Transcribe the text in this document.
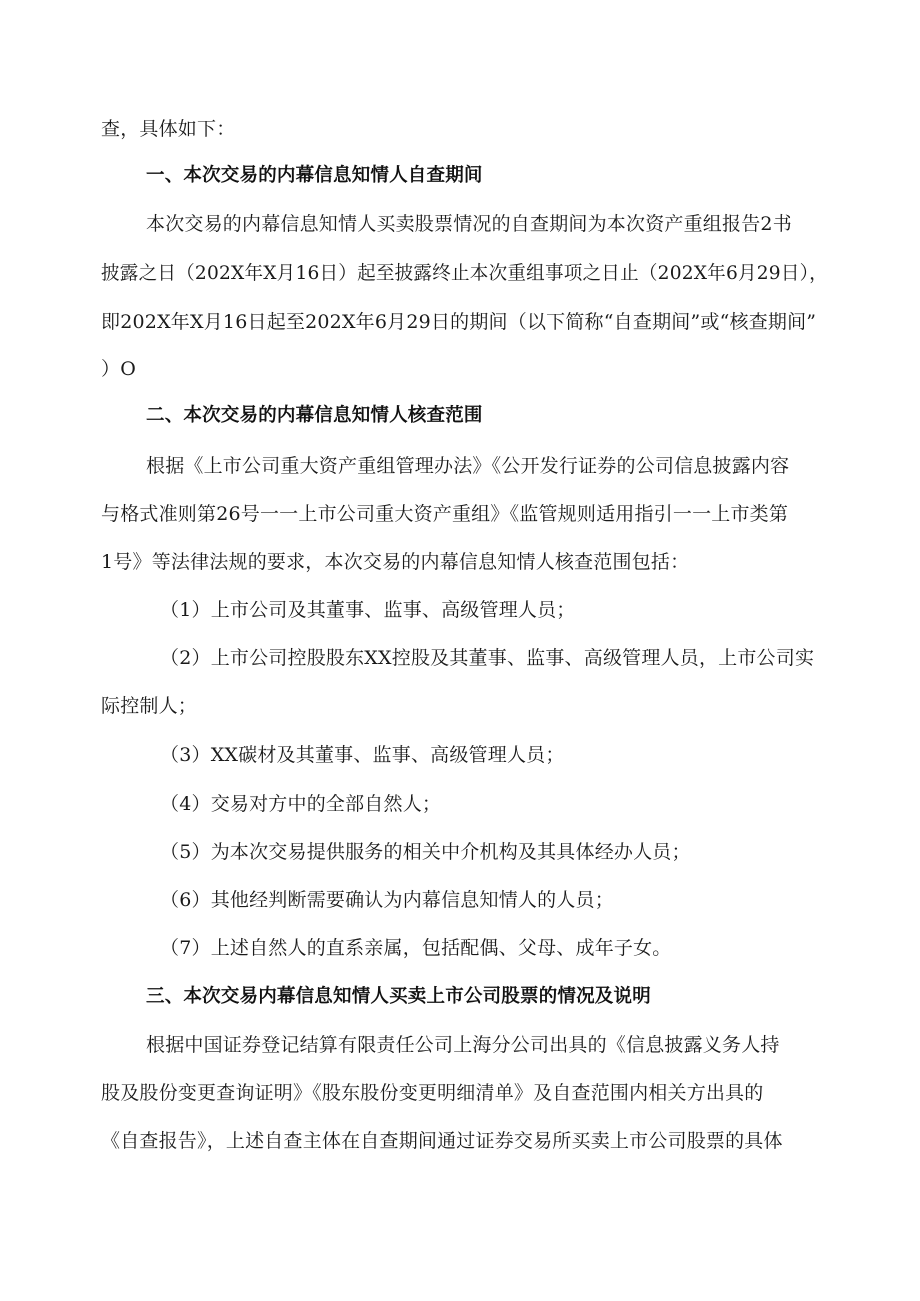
查，具体如下：
一、本次交易的内幕信息知情人自查期间
本次交易的内幕信息知情人买卖股票情况的自查期间为本次资产重组报告2书
披露之日（202X年X月16日）起至披露终止本次重组事项之日止（202X年6月29日），
即202X年X月16日起至202X年6月29日的期间（以下简称“自查期间”或“核查期间”
）O
二、本次交易的内幕信息知情人核查范围
根据《上市公司重大资产重组管理办法》《公开发行证券的公司信息披露内容
与格式准则第26号一一上市公司重大资产重组》《监管规则适用指引一一上市类第
1号》等法律法规的要求，本次交易的内幕信息知情人核查范围包括：
（1）上市公司及其董事、监事、高级管理人员；
（2）上市公司控股股东XX控股及其董事、监事、高级管理人员，上市公司实
际控制人；
（3）XX碳材及其董事、监事、高级管理人员；
（4）交易对方中的全部自然人；
（5）为本次交易提供服务的相关中介机构及其具体经办人员；
（6）其他经判断需要确认为内幕信息知情人的人员；
（7）上述自然人的直系亲属，包括配偶、父母、成年子女。
三、本次交易内幕信息知情人买卖上市公司股票的情况及说明
根据中国证券登记结算有限责任公司上海分公司出具的《信息披露义务人持
股及股份变更查询证明》《股东股份变更明细清单》及自查范围内相关方出具的
《自查报告》，上述自查主体在自查期间通过证券交易所买卖上市公司股票的具体
